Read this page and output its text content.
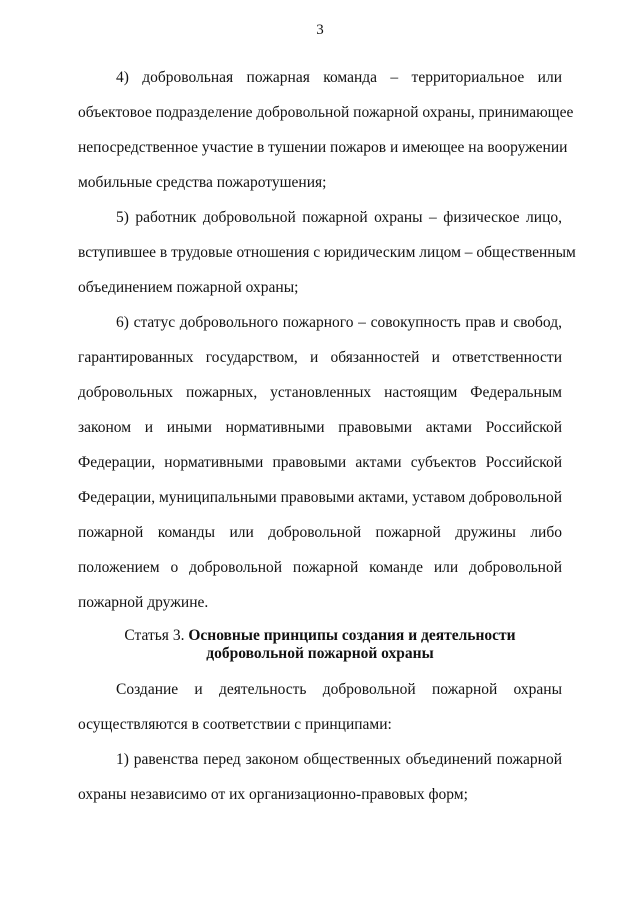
3
4) добровольная пожарная команда – территориальное или
объектовое подразделение добровольной пожарной охраны, принимающее
непосредственное участие в тушении пожаров и имеющее на вооружении
мобильные средства пожаротушения;
5) работник добровольной пожарной охраны – физическое лицо,
вступившее в трудовые отношения с юридическим лицом – общественным
объединением пожарной охраны;
6) статус добровольного пожарного – совокупность прав и свобод,
гарантированных государством, и обязанностей и ответственности
добровольных пожарных, установленных настоящим Федеральным
законом и иными нормативными правовыми актами Российской
Федерации, нормативными правовыми актами субъектов Российской
Федерации, муниципальными правовыми актами, уставом добровольной
пожарной команды или добровольной пожарной дружины либо
положением о добровольной пожарной команде или добровольной
пожарной дружине.
Статья 3. Основные принципы создания и деятельности
добровольной пожарной охраны
Создание и деятельность добровольной пожарной охраны
осуществляются в соответствии с принципами:
1) равенства перед законом общественных объединений пожарной
охраны независимо от их организационно-правовых форм;
